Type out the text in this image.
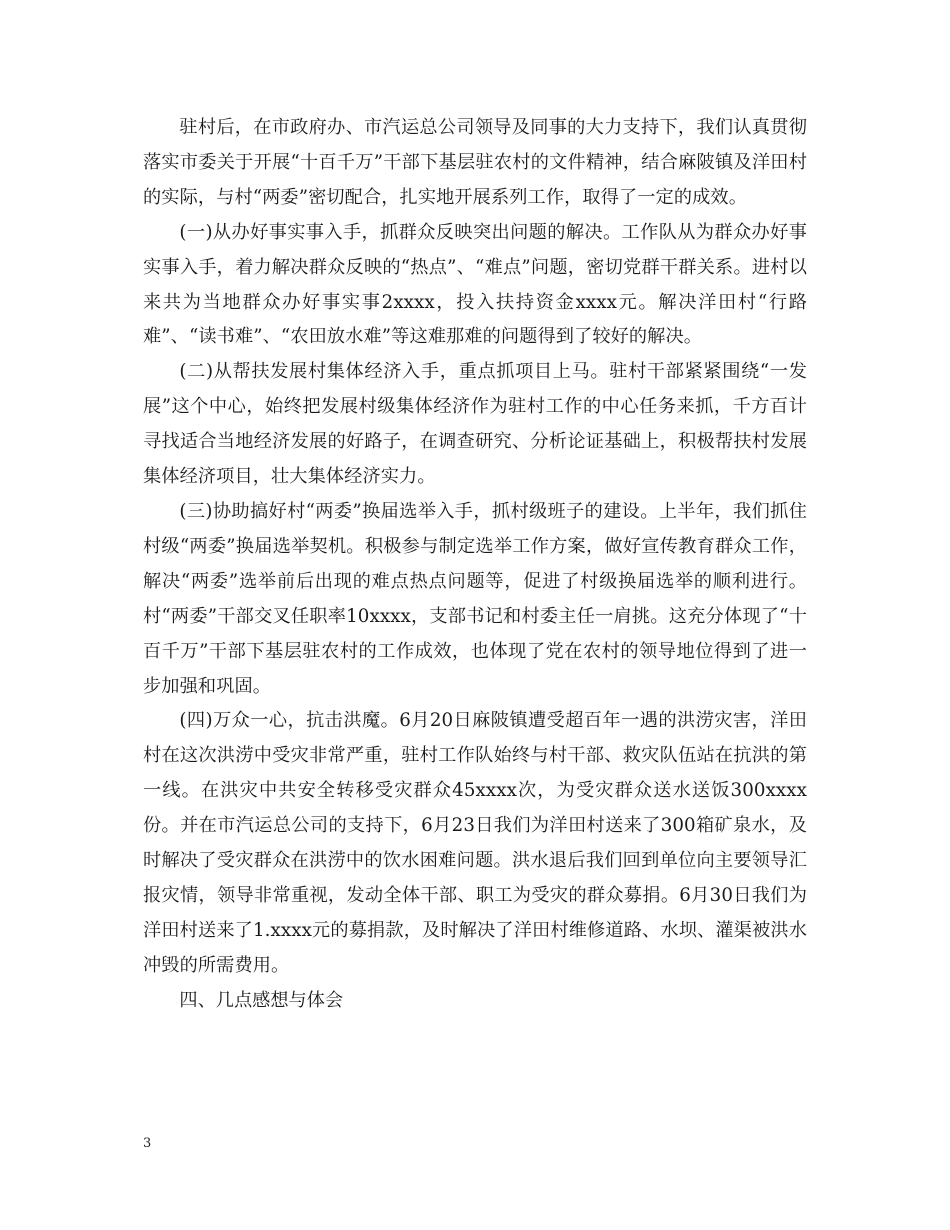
驻村后，在市政府办、市汽运总公司领导及同事的大力支持下，我们认真贯彻落实市委关于开展“十百千万”干部下基层驻农村的文件精神，结合麻陂镇及洋田村的实际，与村“两委”密切配合，扎实地开展系列工作，取得了一定的成效。

(一)从办好事实事入手，抓群众反映突出问题的解决。工作队从为群众办好事实事入手，着力解决群众反映的“热点”、“难点”问题，密切党群干群关系。进村以来共为当地群众办好事实事2xxxx，投入扶持资金xxxx元。解决洋田村“行路难”、“读书难”、“农田放水难”等这难那难的问题得到了较好的解决。

(二)从帮扶发展村集体经济入手，重点抓项目上马。驻村干部紧紧围绕“一发展”这个中心，始终把发展村级集体经济作为驻村工作的中心任务来抓，千方百计寻找适合当地经济发展的好路子，在调查研究、分析论证基础上，积极帮扶村发展集体经济项目，壮大集体经济实力。

(三)协助搞好村“两委”换届选举入手，抓村级班子的建设。上半年，我们抓住村级“两委”换届选举契机。积极参与制定选举工作方案，做好宣传教育群众工作，解决“两委”选举前后出现的难点热点问题等，促进了村级换届选举的顺利进行。村“两委”干部交叉任职率10xxxx，支部书记和村委主任一肩挑。这充分体现了“十百千万”干部下基层驻农村的工作成效，也体现了党在农村的领导地位得到了进一步加强和巩固。

(四)万众一心，抗击洪魔。6月20日麻陂镇遭受超百年一遇的洪涝灾害，洋田村在这次洪涝中受灾非常严重，驻村工作队始终与村干部、救灾队伍站在抗洪的第一线。在洪灾中共安全转移受灾群众45xxxx次，为受灾群众送水送饭300xxxx份。并在市汽运总公司的支持下，6月23日我们为洋田村送来了300箱矿泉水，及时解决了受灾群众在洪涝中的饮水困难问题。洪水退后我们回到单位向主要领导汇报灾情，领导非常重视，发动全体干部、职工为受灾的群众募捐。6月30日我们为洋田村送来了1.xxxx元的募捐款，及时解决了洋田村维修道路、水坝、灌渠被洪水冲毁的所需费用。

四、几点感想与体会

3
